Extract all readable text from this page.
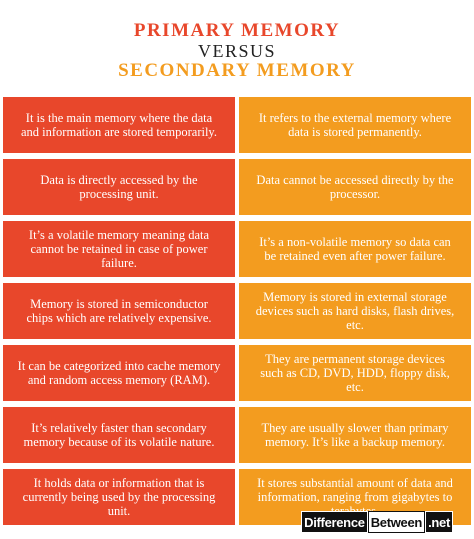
PRIMARY MEMORY
VERSUS
SECONDARY MEMORY
It is the main memory where the data and information are stored temporarily.
It refers to the external memory where data is stored permanently.
Data is directly accessed by the processing unit.
Data cannot be accessed directly by the processor.
It’s a volatile memory meaning data cannot be retained in case of power failure.
It’s a non-volatile memory so data can be retained even after power failure.
Memory is stored in semiconductor chips which are relatively expensive.
Memory is stored in external storage devices such as hard disks, flash drives, etc.
It can be categorized into cache memory and random access memory (RAM).
They are permanent storage devices such as CD, DVD, HDD, floppy disk, etc.
It’s relatively faster than secondary memory because of its volatile nature.
They are usually slower than primary memory. It’s like a backup memory.
It holds data or information that is currently being used by the processing unit.
It stores substantial amount of data and information, ranging from gigabytes to
Difference Between .net
